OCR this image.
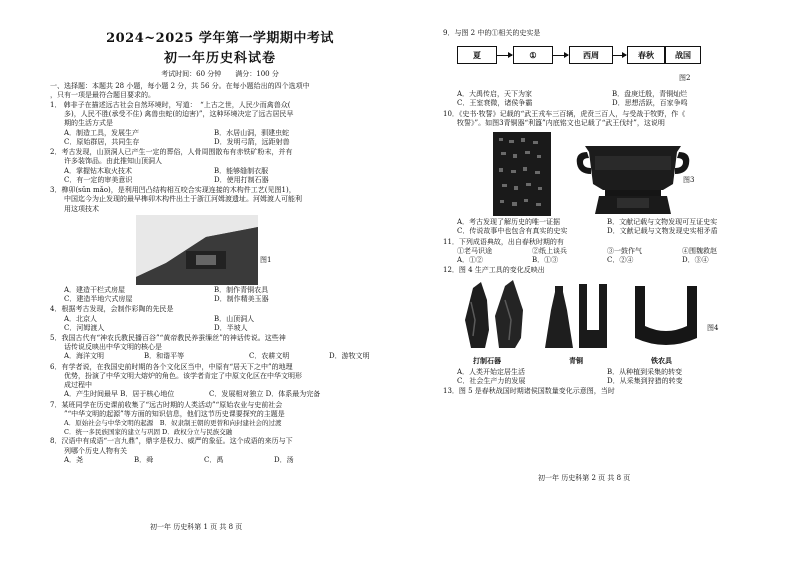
2024~2025 学年第一学期期中考试
初一年历史科试卷
考试时间：60 分钟　　满分：100 分
一、选择题：本题共 28 小题，每小题 2 分，共 56 分。在每小题给出的四个选项中
，只有一项是最符合题目要求的。
1． 韩非子在描述远古社会自然环境时，写道：　“上古之世，人民少而禽兽众(
多)，人民不胜(承受不住) 禽兽虫蛇(的迫害)”，这种环境决定了远古居民早
期的生活方式是
A．制造工具，发展生产	B．水居山洞，驯建虫蛇
C．原始群居，共同生存	D．发明弓箭，远距射兽
2．考古发现，山顶洞人已产生一定的葬俗，人骨周围散布有赤铁矿粉末，并有
许多装饰品。由此推知山顶洞人
A．掌握钻木取火技术	B．能够缝制衣服
C．有一定的审美意识	D．使用打制石器
3．榫卯(sǔn mǎo)，是利用凹凸结构相互咬合实现连接的木构件工艺(见图1)，
中国迄今为止发现的最早榫卯木构件出土于浙江河姆渡遗址。河姆渡人可能利
用这项技术
图1
A．建造干栏式房屋	B．制作青铜农具
C．建造半地穴式房屋	D．制作精美玉器
4．根据考古发现，会制作彩陶的先民是
A．北京人	B．山顶洞人
C．河姆渡人	D．半坡人
5．我国古代有“神农氏教民播百谷”“黄帝教民养蚕缫丝”的神话传说。这些神
话传说反映出中华文明的核心是
A．海洋文明	B．和谐平等	C．农耕文明	D．游牧文明
6．有学者说，在我国史前时期的各个文化区当中，中原有“居天下之中”的地理
优势，扮演了中华文明大熔炉的角色。该学者肯定了中原文化区在中华文明形
成过程中
A．产生时间最早 B．居于核心地位	C．发展相对独立 D．体系最为完备
7．某班同学在历史课前收集了“远古时期的人类活动”“原始农业与史前社会
”“中华文明的起源”等方面的知识信息，他们这节历史课要探究的主题是
A．原始社会与中华文明的起源　B．奴隶制王朝的更替和向封建社会的过渡
C．统一多民族国家的建立与巩固 D．政权分立与民族交融
8．汉语中有成语“一言九鼎”，鼎字是权力、威严的象征。这个成语的来历与下
列哪个历史人物有关
A．尧	B．舜	C．禹	D．汤
初一年 历史科第 1 页 共 8 页
9．与图 2 中的①相关的史实是
夏	①	西周	春秋	战国
图2
A．大禹传启，天下为家	B．盘庚迁殷，青铜灿烂
C．王室衰微，诸侯争霸	D．思想活跃，百家争鸣
10．《史书·牧誓》记载的“武王戎车三百辆，虎贲三百人，与受战于牧野，作《
牧誓》”。如图3青铜器“利簋”内底铭文也记载了“武王伐纣”，这说明
图3
A．考古发现了解历史的唯一证据	B．文献记载与文物发现可互证史实
C．传说故事中也包含有真实的史实	D．文献记载与文物发现史实相矛盾
11．下列成语典故，出自春秋时期的有
①老马识途	②纸上谈兵	③一鼓作气	④围魏救赵
A．①②	B．①③	C．②④	D．③④
12．图 4 生产工具的变化反映出
打制石器	青铜	铁农具
图4
A．人类开始定居生活	B．从种植到采集的转变
C．社会生产力的发展	D．从采集到狩猎的转变
13．图 5 是春秋战国时期诸侯国数量变化示意图，当时
初一年 历史科第 2 页 共 8 页
